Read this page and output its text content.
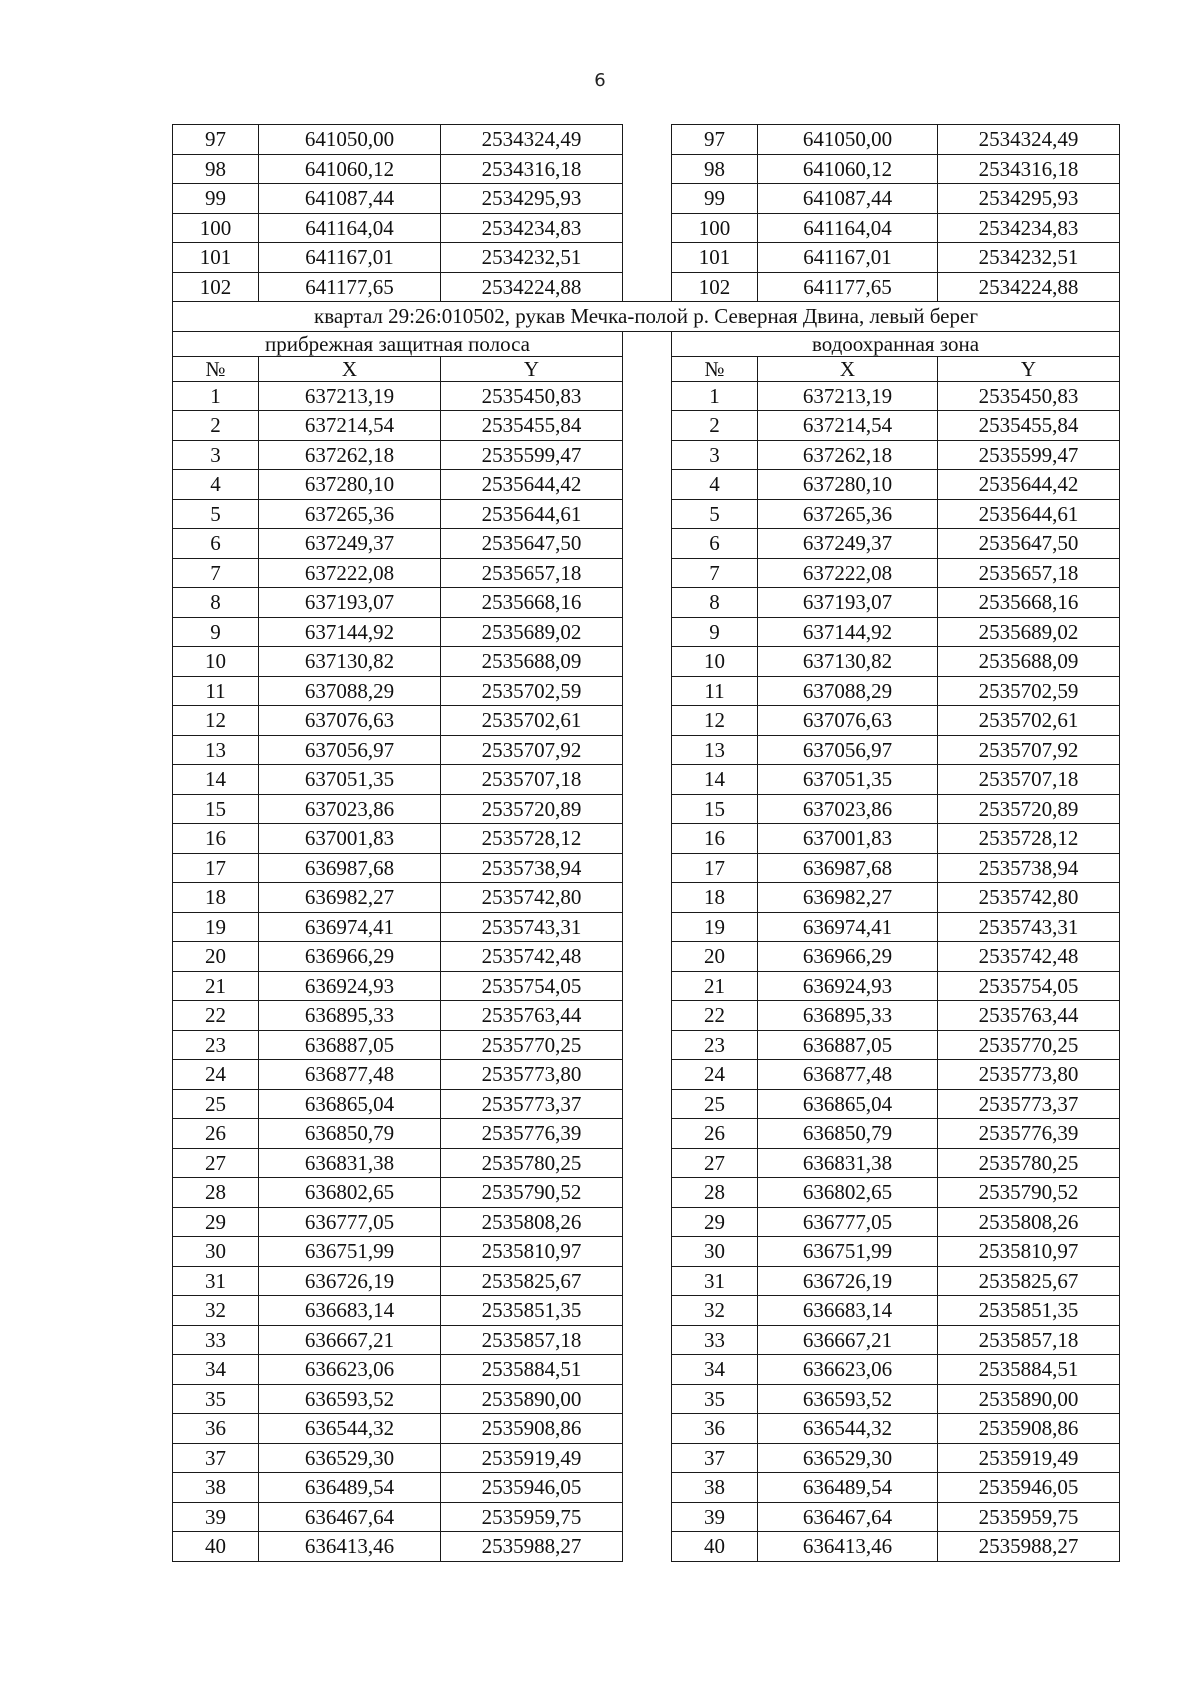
6
97	641050,00	2534324,49		97	641050,00	2534324,49
98	641060,12	2534316,18		98	641060,12	2534316,18
99	641087,44	2534295,93		99	641087,44	2534295,93
100	641164,04	2534234,83		100	641164,04	2534234,83
101	641167,01	2534232,51		101	641167,01	2534232,51
102	641177,65	2534224,88		102	641177,65	2534224,88
квартал 29:26:010502, рукав Мечка-полой р. Северная Двина, левый берег						
прибрежная защитная полоса				водоохранная зона		
№	X	Y		№	X	Y
1	637213,19	2535450,83		1	637213,19	2535450,83
2	637214,54	2535455,84		2	637214,54	2535455,84
3	637262,18	2535599,47		3	637262,18	2535599,47
4	637280,10	2535644,42		4	637280,10	2535644,42
5	637265,36	2535644,61		5	637265,36	2535644,61
6	637249,37	2535647,50		6	637249,37	2535647,50
7	637222,08	2535657,18		7	637222,08	2535657,18
8	637193,07	2535668,16		8	637193,07	2535668,16
9	637144,92	2535689,02		9	637144,92	2535689,02
10	637130,82	2535688,09		10	637130,82	2535688,09
11	637088,29	2535702,59		11	637088,29	2535702,59
12	637076,63	2535702,61		12	637076,63	2535702,61
13	637056,97	2535707,92		13	637056,97	2535707,92
14	637051,35	2535707,18		14	637051,35	2535707,18
15	637023,86	2535720,89		15	637023,86	2535720,89
16	637001,83	2535728,12		16	637001,83	2535728,12
17	636987,68	2535738,94		17	636987,68	2535738,94
18	636982,27	2535742,80		18	636982,27	2535742,80
19	636974,41	2535743,31		19	636974,41	2535743,31
20	636966,29	2535742,48		20	636966,29	2535742,48
21	636924,93	2535754,05		21	636924,93	2535754,05
22	636895,33	2535763,44		22	636895,33	2535763,44
23	636887,05	2535770,25		23	636887,05	2535770,25
24	636877,48	2535773,80		24	636877,48	2535773,80
25	636865,04	2535773,37		25	636865,04	2535773,37
26	636850,79	2535776,39		26	636850,79	2535776,39
27	636831,38	2535780,25		27	636831,38	2535780,25
28	636802,65	2535790,52		28	636802,65	2535790,52
29	636777,05	2535808,26		29	636777,05	2535808,26
30	636751,99	2535810,97		30	636751,99	2535810,97
31	636726,19	2535825,67		31	636726,19	2535825,67
32	636683,14	2535851,35		32	636683,14	2535851,35
33	636667,21	2535857,18		33	636667,21	2535857,18
34	636623,06	2535884,51		34	636623,06	2535884,51
35	636593,52	2535890,00		35	636593,52	2535890,00
36	636544,32	2535908,86		36	636544,32	2535908,86
37	636529,30	2535919,49		37	636529,30	2535919,49
38	636489,54	2535946,05		38	636489,54	2535946,05
39	636467,64	2535959,75		39	636467,64	2535959,75
40	636413,46	2535988,27		40	636413,46	2535988,27
